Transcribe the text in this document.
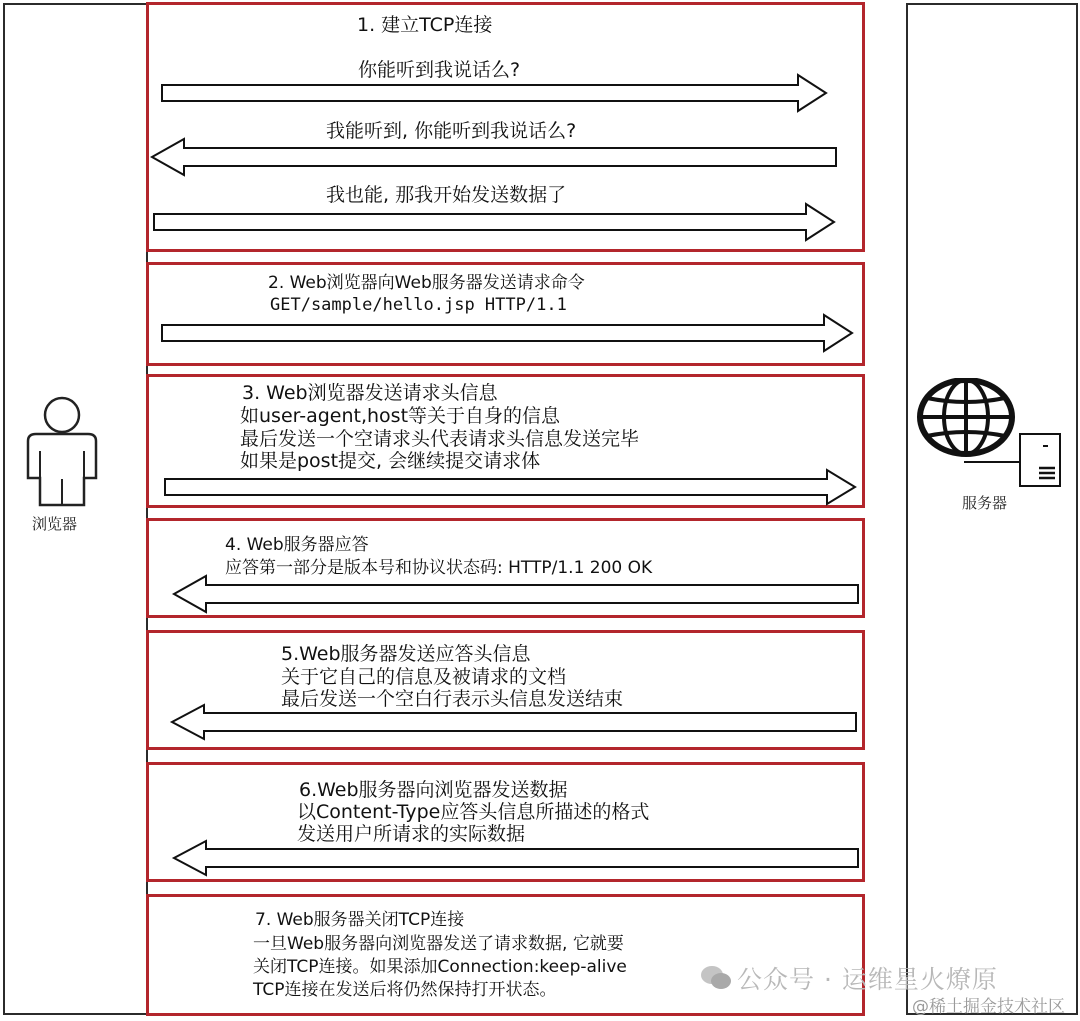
浏览器
服务器
1. 建立TCP连接
你能听到我说话么?
我能听到, 你能听到我说话么?
我也能, 那我开始发送数据了
2. Web浏览器向Web服务器发送请求命令
GET/sample/hello.jsp HTTP/1.1
3. Web浏览器发送请求头信息
如user-agent,host等关于自身的信息
最后发送一个空请求头代表请求头信息发送完毕
如果是post提交, 会继续提交请求体
4. Web服务器应答
应答第一部分是版本号和协议状态码: HTTP/1.1 200 OK
5.Web服务器发送应答头信息
关于它自己的信息及被请求的文档
最后发送一个空白行表示头信息发送结束
6.Web服务器向浏览器发送数据
以Content-Type应答头信息所描述的格式
发送用户所请求的实际数据
7. Web服务器关闭TCP连接
一旦Web服务器向浏览器发送了请求数据, 它就要
关闭TCP连接。如果添加Connection:keep-alive
TCP连接在发送后将仍然保持打开状态。	公众号 · 运维星火燎原
@稀土掘金技术社区
